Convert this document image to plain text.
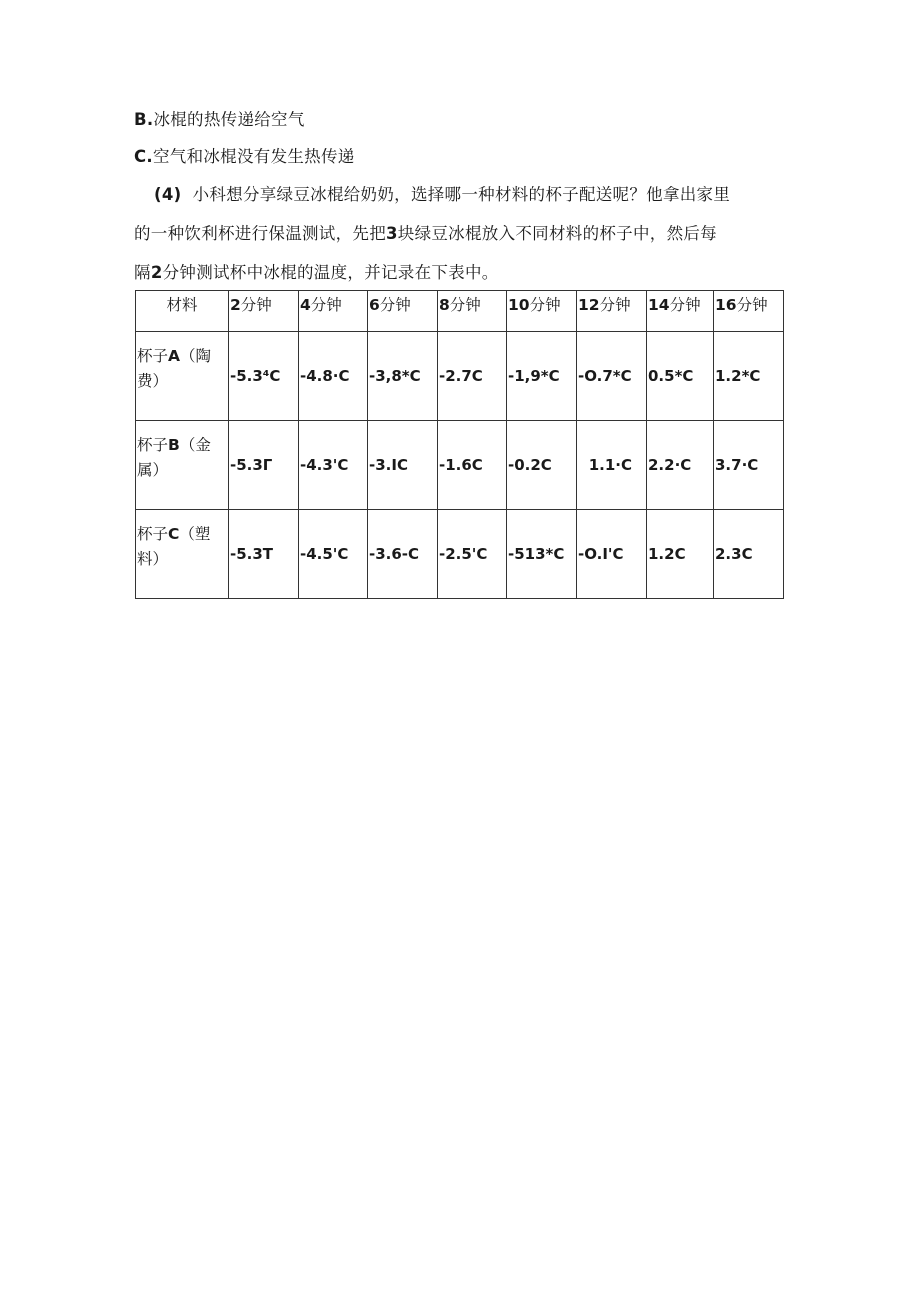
B.冰棍的热传递给空气
C.空气和冰棍没有发生热传递
(4) 小科想分享绿豆冰棍给奶奶，选择哪一种材料的杯子配送呢？他拿出家里
的一种饮利杯进行保温测试，先把3块绿豆冰棍放入不同材料的杯子中，然后每
隔2分钟测试杯中冰棍的温度，并记录在下表中。
材料	2分钟	4分钟	6分钟	8分钟	10分钟	12分钟	14分钟	16分钟
杯子A（陶费）	-5.3⁴C	-4.8·C	-3,8*C	-2.7C	-1,9*C	-O.7*C	0.5*C	1.2*C
杯子B（金属）	-5.3Γ	-4.3'C	-3.IC	-1.6C	-0.2C	1.1·C	2.2·C	3.7·C
杯子C（塑料）	-5.3T	-4.5'C	-3.6-C	-2.5'C	-513*C	-O.I'C	1.2C	2.3C
